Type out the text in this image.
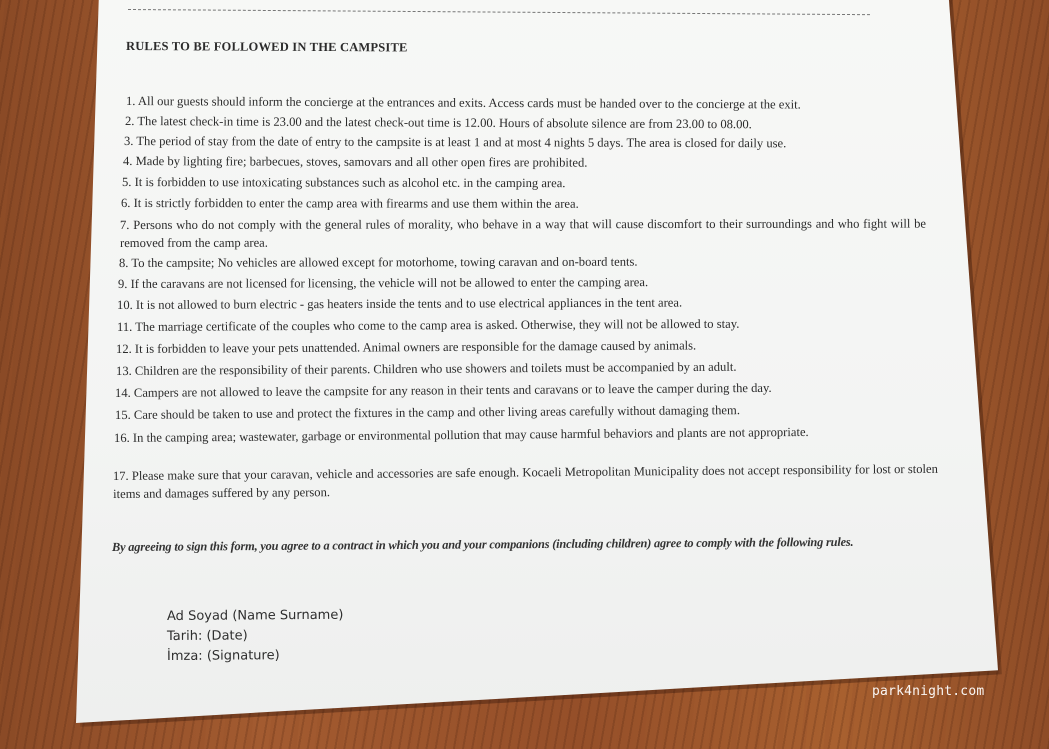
RULES TO BE FOLLOWED IN THE CAMPSITE
1. All our guests should inform the concierge at the entrances and exits. Access cards must be handed over to the concierge at the exit.
2. The latest check-in time is 23.00 and the latest check-out time is 12.00. Hours of absolute silence are from 23.00 to 08.00.
3. The period of stay from the date of entry to the campsite is at least 1 and at most 4 nights 5 days. The area is closed for daily use.
4. Made by lighting fire; barbecues, stoves, samovars and all other open fires are prohibited.
5. It is forbidden to use intoxicating substances such as alcohol etc. in the camping area.
6. It is strictly forbidden to enter the camp area with firearms and use them within the area.
7. Persons who do not comply with the general rules of morality, who behave in a way that will cause discomfort to their surroundings and who fight will be removed from the camp area.
8. To the campsite; No vehicles are allowed except for motorhome, towing caravan and on-board tents.
9. If the caravans are not licensed for licensing, the vehicle will not be allowed to enter the camping area.
10. It is not allowed to burn electric - gas heaters inside the tents and to use electrical appliances in the tent area.
11. The marriage certificate of the couples who come to the camp area is asked. Otherwise, they will not be allowed to stay.
12. It is forbidden to leave your pets unattended. Animal owners are responsible for the damage caused by animals.
13. Children are the responsibility of their parents. Children who use showers and toilets must be accompanied by an adult.
14. Campers are not allowed to leave the campsite for any reason in their tents and caravans or to leave the camper during the day.
15. Care should be taken to use and protect the fixtures in the camp and other living areas carefully without damaging them.
16. In the camping area; wastewater, garbage or environmental pollution that may cause harmful behaviors and plants are not appropriate.
17. Please make sure that your caravan, vehicle and accessories are safe enough. Kocaeli Metropolitan Municipality does not accept responsibility for lost or stolen items and damages suffered by any person.
By agreeing to sign this form, you agree to a contract in which you and your companions (including children) agree to comply with the following rules.
Ad Soyad (Name Surname)
Tarih: (Date)
İmza: (Signature)
park4night.com
